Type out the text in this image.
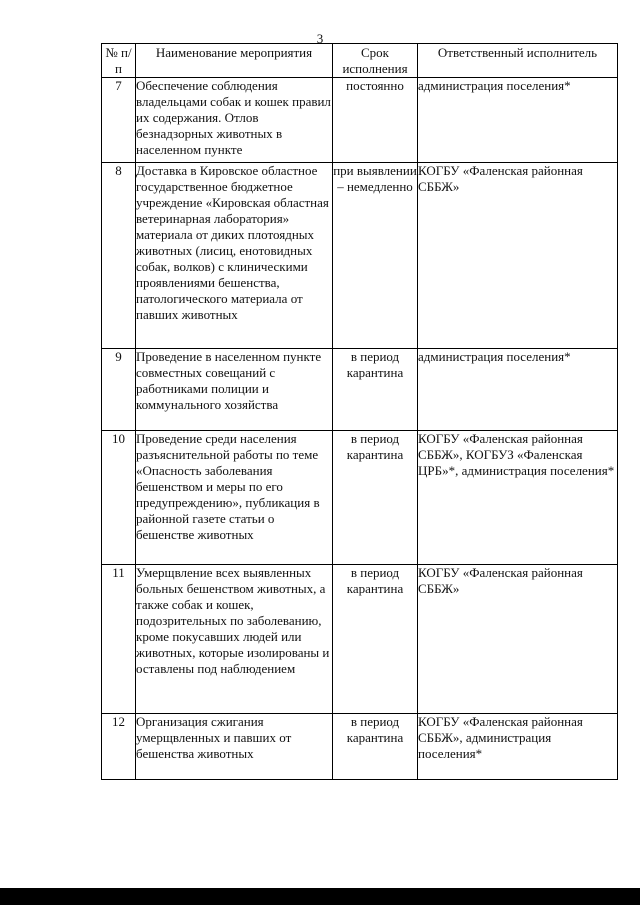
3
№ п/п	Наименование мероприятия	Срок исполнения	Ответственный исполнитель
7	Обеспечение соблюдения владельцами собак и кошек правил их содержания. Отлов безнадзорных животных в населенном пункте	постоянно	администрация поселения*
8	Доставка в Кировское областное государственное бюджетное учреждение «Кировская областная ветеринарная лаборатория» материала от диких плотоядных животных (лисиц, енотовидных собак, волков) с клиническими проявлениями бешенства, патологического материала от павших животных	при выявлении – немедленно	КОГБУ «Фаленская районная СББЖ»
9	Проведение в населенном пункте совместных совещаний с работниками полиции и коммунального хозяйства	в период карантина	администрация поселения*
10	Проведение среди населения разъяснительной работы по теме «Опасность заболевания бешенством и меры по его предупреждению», публикация в районной газете статьи о бешенстве животных	в период карантина	КОГБУ «Фаленская районная СББЖ», КОГБУЗ «Фаленская ЦРБ»*, администрация поселения*
11	Умерщвление всех выявленных больных бешенством животных, а также собак и кошек, подозрительных по заболеванию, кроме покусавших людей или животных, которые изолированы и оставлены под наблюдением	в период карантина	КОГБУ «Фаленская районная СББЖ»
12	Организация сжигания умерщвленных и павших от бешенства животных	в период карантина	КОГБУ «Фаленская районная СББЖ», администрация поселения*
